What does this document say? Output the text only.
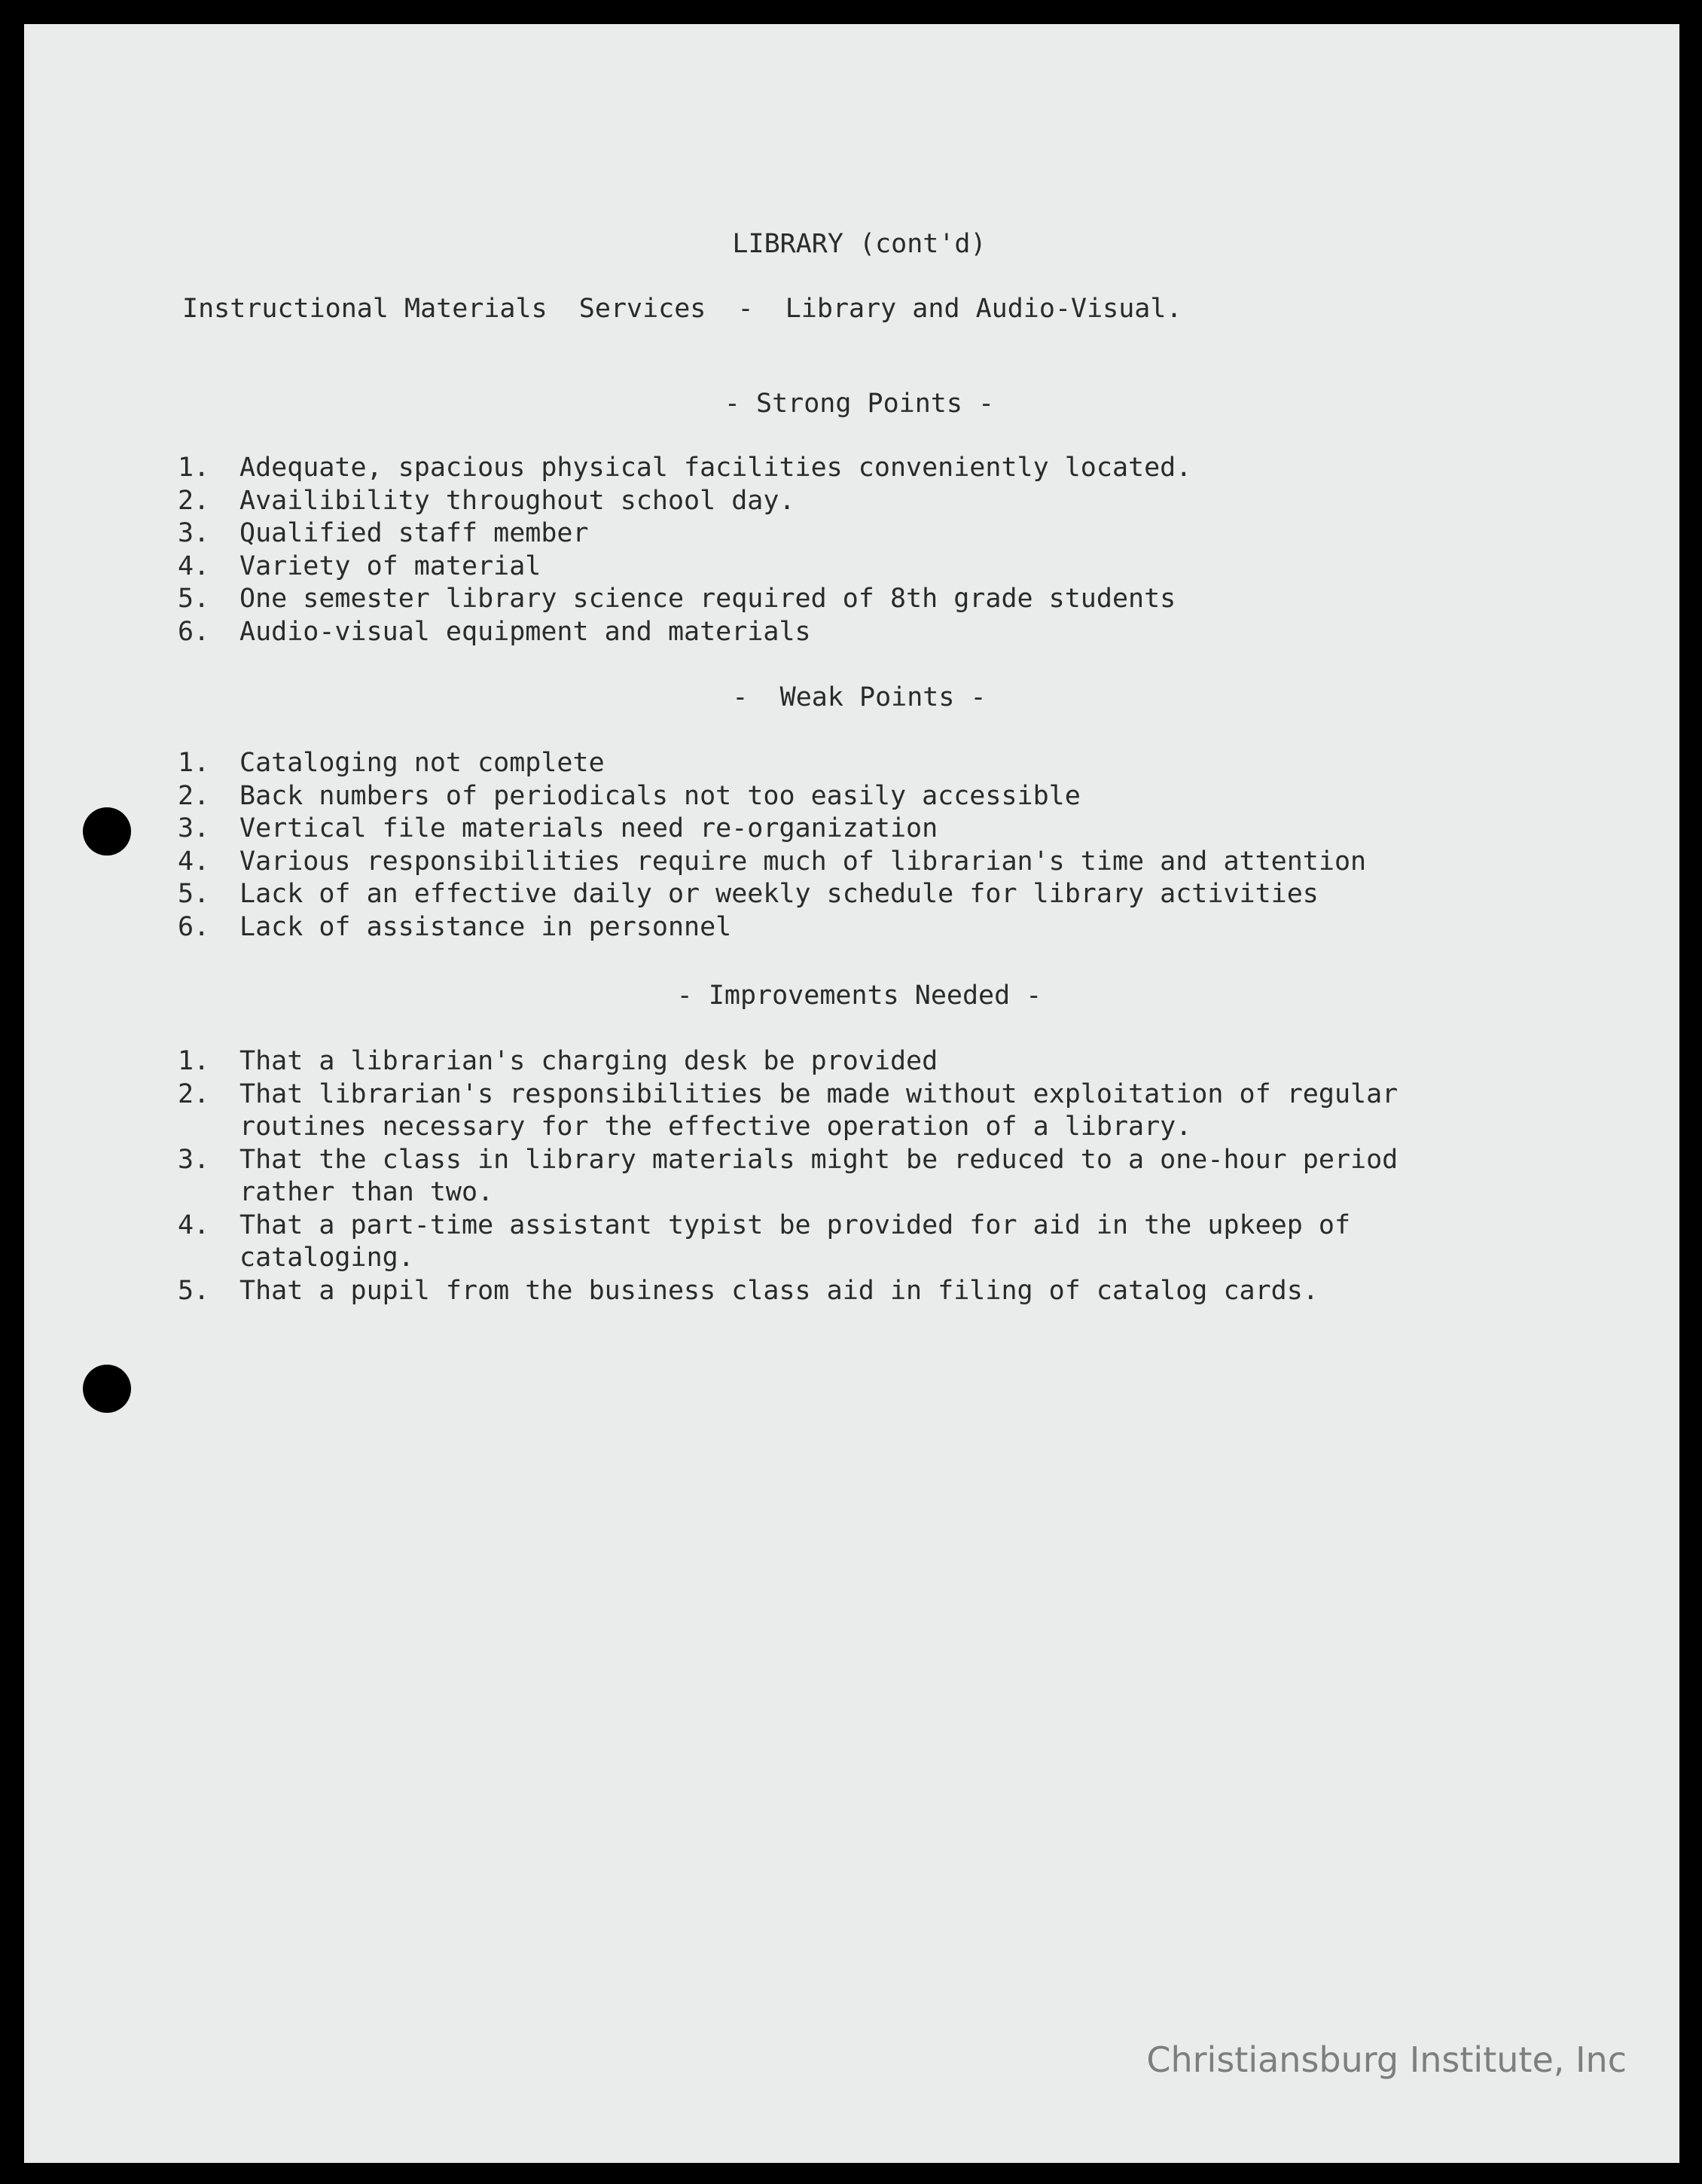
LIBRARY (cont'd)
Instructional Materials  Services  -  Library and Audio-Visual.
- Strong Points -
1.	Adequate, spacious physical facilities conveniently located.
2.	Availibility throughout school day.
3.	Qualified staff member
4.	Variety of material
5.	One semester library science required of 8th grade students
6.	Audio-visual equipment and materials
-  Weak Points -
1.	Cataloging not complete
2.	Back numbers of periodicals not too easily accessible
3.	Vertical file materials need re-organization
4.	Various responsibilities require much of librarian's time and attention
5.	Lack of an effective daily or weekly schedule for library activities
6.	Lack of assistance in personnel
- Improvements Needed -
1.	That a librarian's charging desk be provided
2.	That librarian's responsibilities be made without exploitation of regular routines necessary for the effective operation of a library.
3.	That the class in library materials might be reduced to a one-hour period rather than two.
4.	That a part-time assistant typist be provided for aid in the upkeep of cataloging.
5.	That a pupil from the business class aid in filing of catalog cards.
Christiansburg Institute, Inc
